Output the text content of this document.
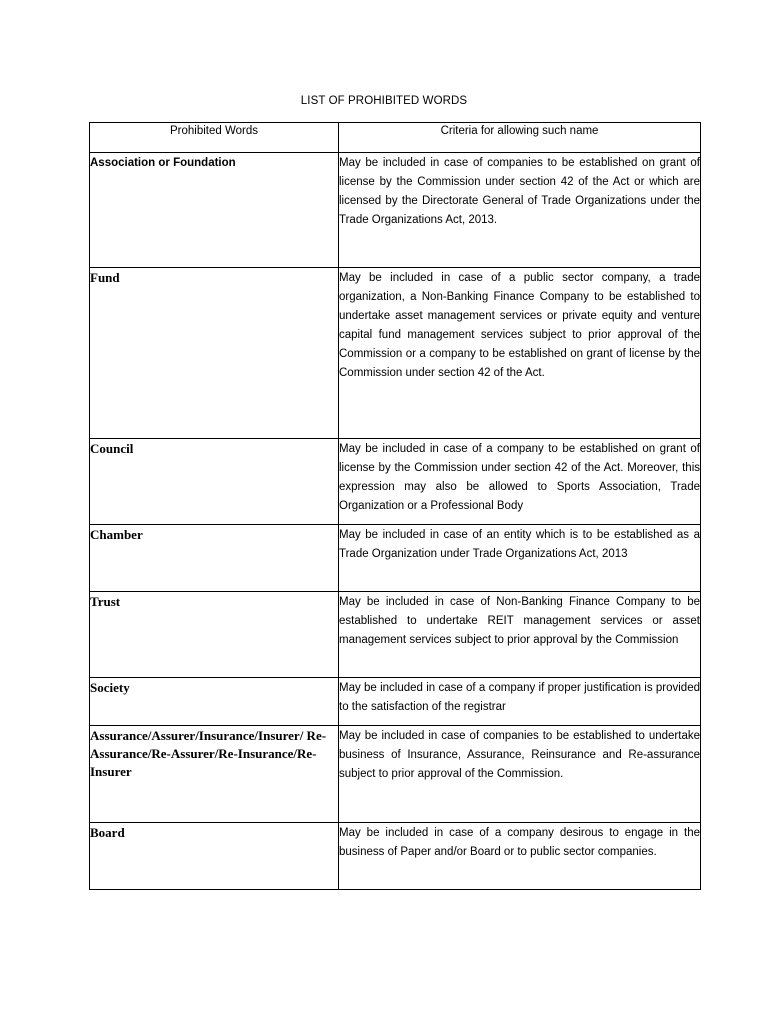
LIST OF PROHIBITED WORDS
Prohibited Words	Criteria for allowing such name

Association or Foundation	May be included in case of companies to be established on grant of license by the Commission under section 42 of the Act or which are licensed by the Directorate General of Trade Organizations under the Trade Organizations Act, 2013.

Fund	May be included in case of a public sector company, a trade organization, a Non-Banking Finance Company to be established to undertake asset management services or private equity and venture capital fund management services subject to prior approval of the Commission or a company to be established on grant of license by the Commission under section 42 of the Act.

Council	May be included in case of a company to be established on grant of license by the Commission under section 42 of the Act. Moreover, this expression may also be allowed to Sports Association, Trade Organization or a Professional Body

Chamber	May be included in case of an entity which is to be established as a Trade Organization under Trade Organizations Act, 2013

Trust	May be included in case of Non-Banking Finance Company to be established to undertake REIT management services or asset management services subject to prior approval by the Commission

Society	May be included in case of a company if proper justification is provided to the satisfaction of the registrar

Assurance/Assurer/Insurance/Insurer/ Re-Assurance/Re-Assurer/Re-Insurance/Re-Insurer	May be included in case of companies to be established to undertake business of Insurance, Assurance, Reinsurance and Re-assurance subject to prior approval of the Commission.

Board	May be included in case of a company desirous to engage in the business of Paper and/or Board or to public sector companies.
